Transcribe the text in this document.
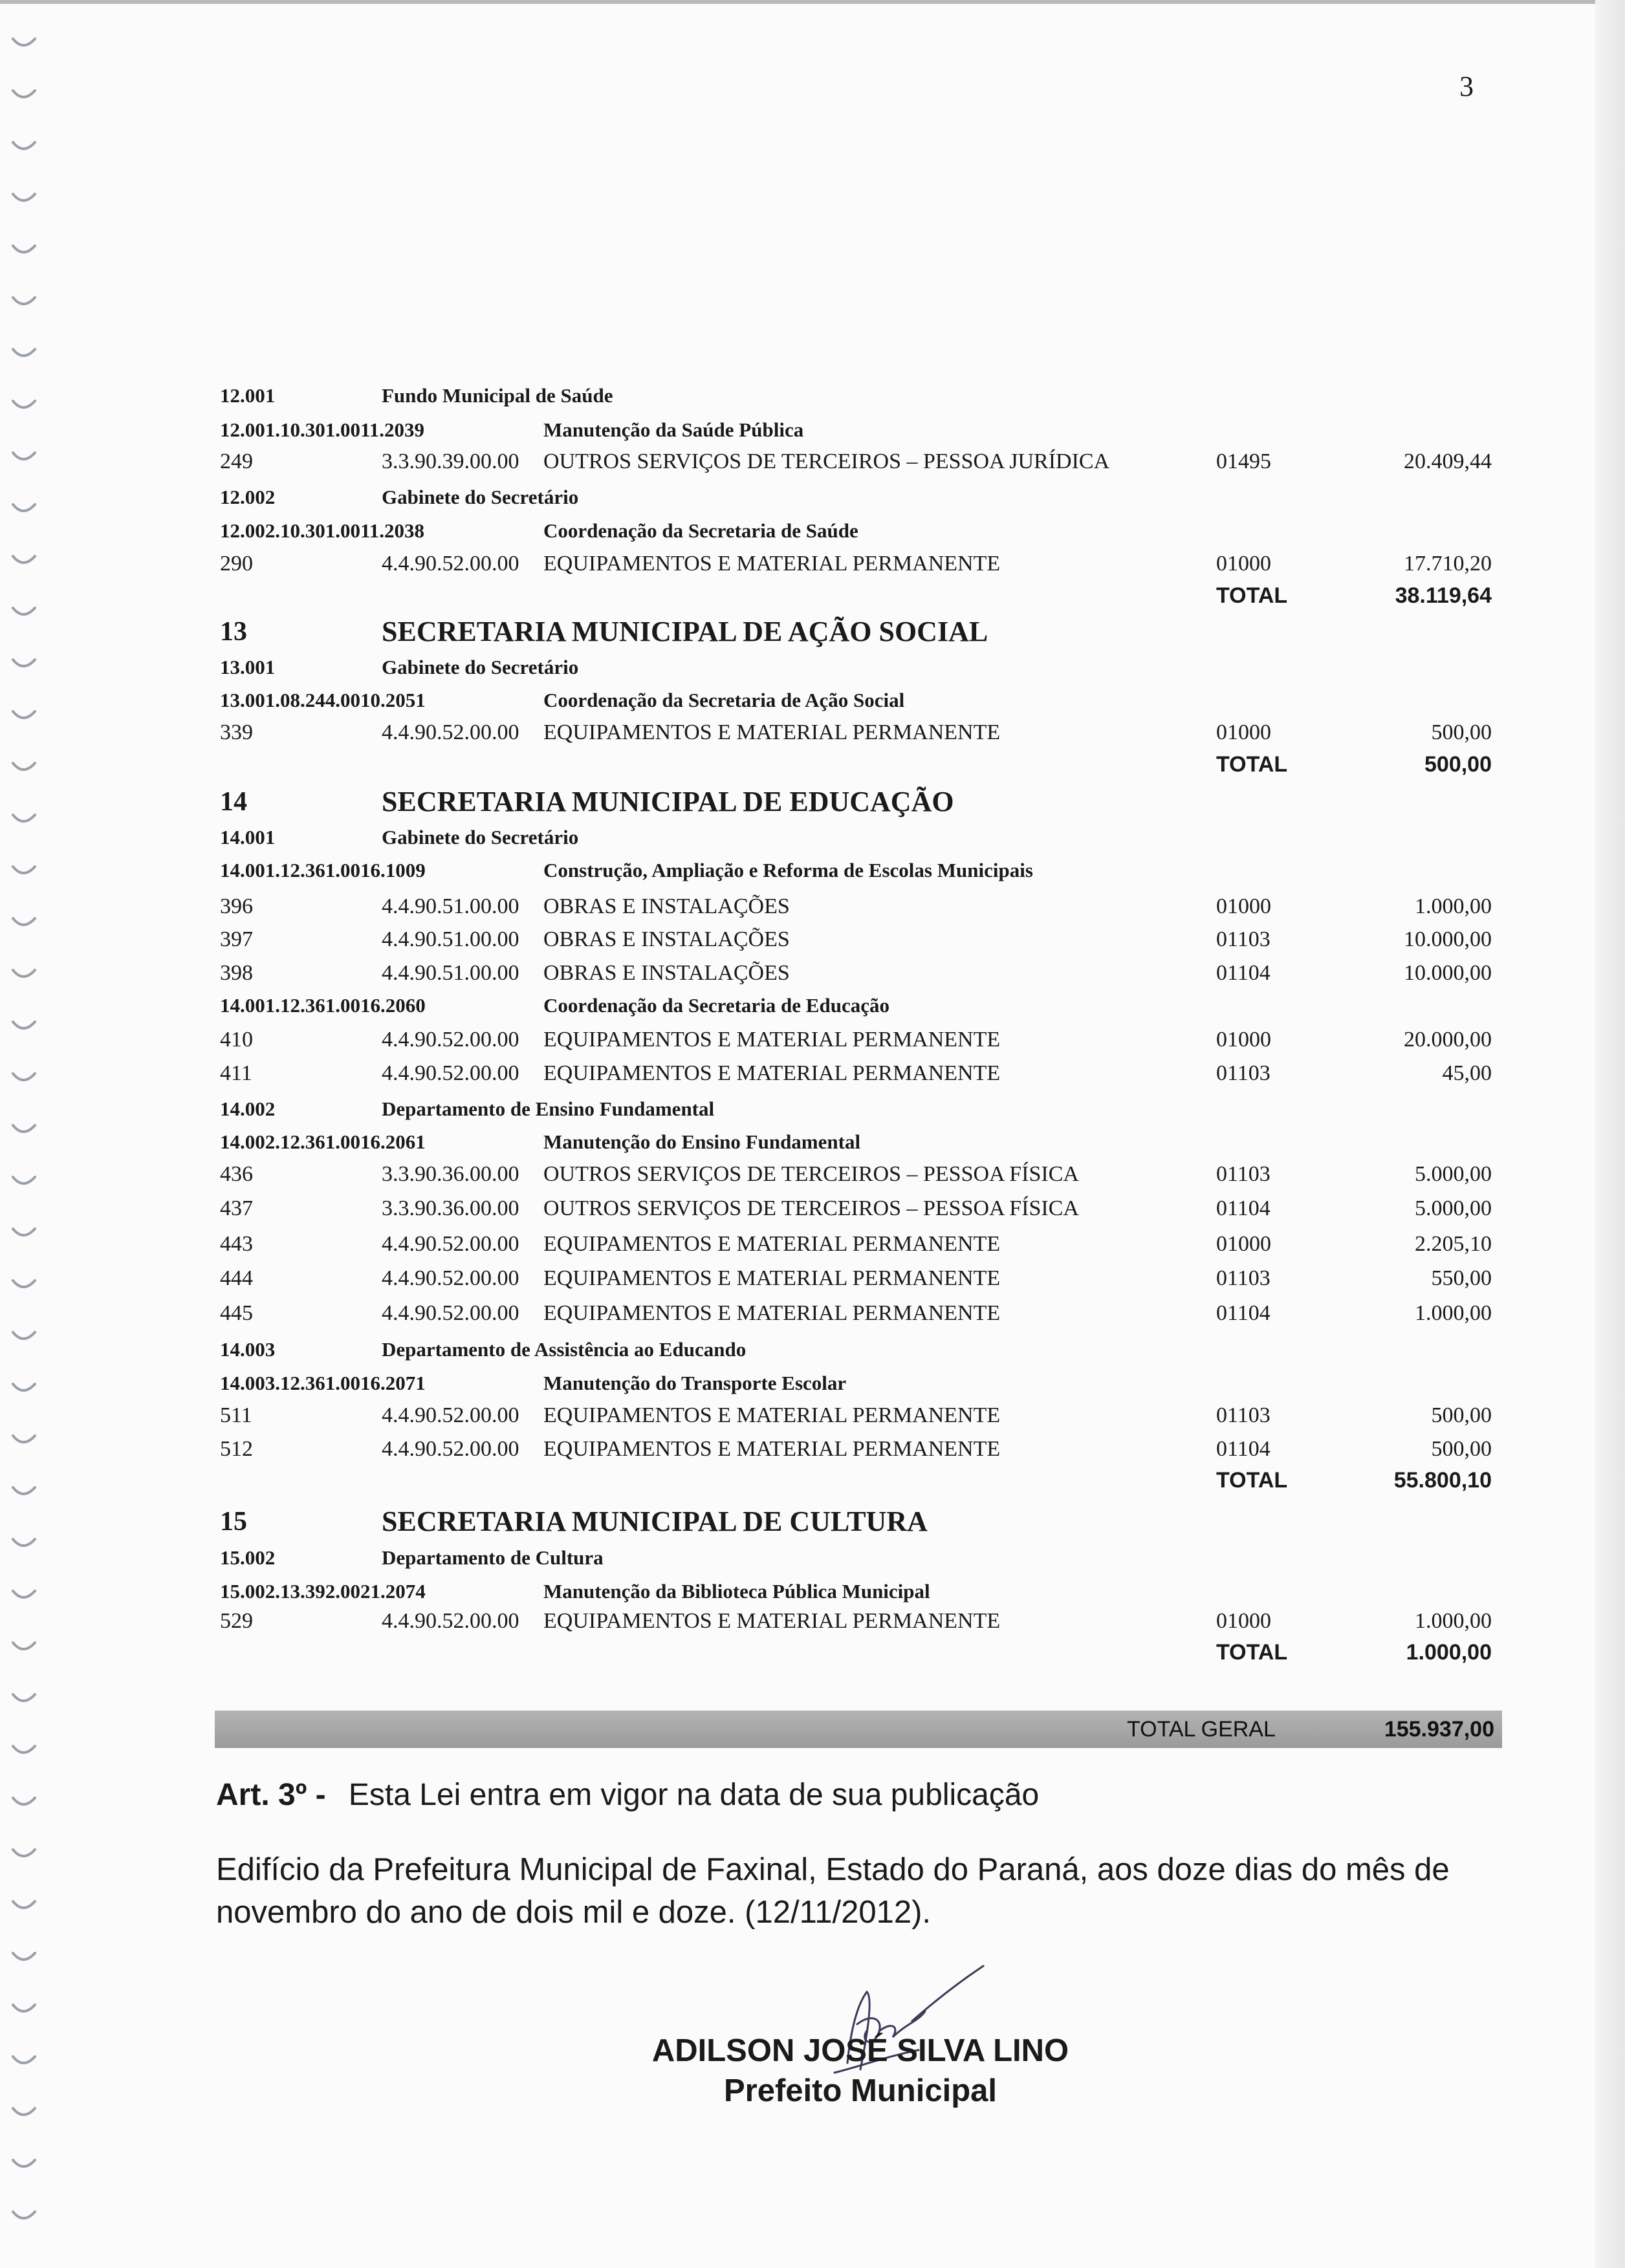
3
12.001	Fundo Municipal de Saúde
12.001.10.301.0011.2039	Manutenção da Saúde Pública
249	3.3.90.39.00.00 OUTROS SERVIÇOS DE TERCEIROS – PESSOA JURÍDICA	01495	20.409,44
12.002	Gabinete do Secretário
12.002.10.301.0011.2038	Coordenação da Secretaria de Saúde
290	4.4.90.52.00.00 EQUIPAMENTOS E MATERIAL PERMANENTE	01000	17.710,20
TOTAL	38.119,64
13	SECRETARIA MUNICIPAL DE AÇÃO SOCIAL
13.001	Gabinete do Secretário
13.001.08.244.0010.2051	Coordenação da Secretaria de Ação Social
339	4.4.90.52.00.00 EQUIPAMENTOS E MATERIAL PERMANENTE	01000	500,00
TOTAL	500,00
14	SECRETARIA MUNICIPAL DE EDUCAÇÃO
14.001	Gabinete do Secretário
14.001.12.361.0016.1009	Construção, Ampliação e Reforma de Escolas Municipais
396	4.4.90.51.00.00 OBRAS E INSTALAÇÕES	01000	1.000,00
397	4.4.90.51.00.00 OBRAS E INSTALAÇÕES	01103	10.000,00
398	4.4.90.51.00.00 OBRAS E INSTALAÇÕES	01104	10.000,00
14.001.12.361.0016.2060	Coordenação da Secretaria de Educação
410	4.4.90.52.00.00 EQUIPAMENTOS E MATERIAL PERMANENTE	01000	20.000,00
411	4.4.90.52.00.00 EQUIPAMENTOS E MATERIAL PERMANENTE	01103	45,00
14.002	Departamento de Ensino Fundamental
14.002.12.361.0016.2061	Manutenção do Ensino Fundamental
436	3.3.90.36.00.00 OUTROS SERVIÇOS DE TERCEIROS – PESSOA FÍSICA	01103	5.000,00
437	3.3.90.36.00.00 OUTROS SERVIÇOS DE TERCEIROS – PESSOA FÍSICA	01104	5.000,00
443	4.4.90.52.00.00 EQUIPAMENTOS E MATERIAL PERMANENTE	01000	2.205,10
444	4.4.90.52.00.00 EQUIPAMENTOS E MATERIAL PERMANENTE	01103	550,00
445	4.4.90.52.00.00 EQUIPAMENTOS E MATERIAL PERMANENTE	01104	1.000,00
14.003	Departamento de Assistência ao Educando
14.003.12.361.0016.2071	Manutenção do Transporte Escolar
511	4.4.90.52.00.00 EQUIPAMENTOS E MATERIAL PERMANENTE	01103	500,00
512	4.4.90.52.00.00 EQUIPAMENTOS E MATERIAL PERMANENTE	01104	500,00
TOTAL	55.800,10
15	SECRETARIA MUNICIPAL DE CULTURA
15.002	Departamento de Cultura
15.002.13.392.0021.2074	Manutenção da Biblioteca Pública Municipal
529	4.4.90.52.00.00 EQUIPAMENTOS E MATERIAL PERMANENTE	01000	1.000,00
TOTAL	1.000,00
TOTAL GERAL	155.937,00
Art. 3º - Esta Lei entra em vigor na data de sua publicação
Edifício da Prefeitura Municipal de Faxinal, Estado do Paraná, aos doze dias do mês de novembro do ano de dois mil e doze. (12/11/2012).
ADILSON JOSÉ SILVA LINO
Prefeito Municipal
